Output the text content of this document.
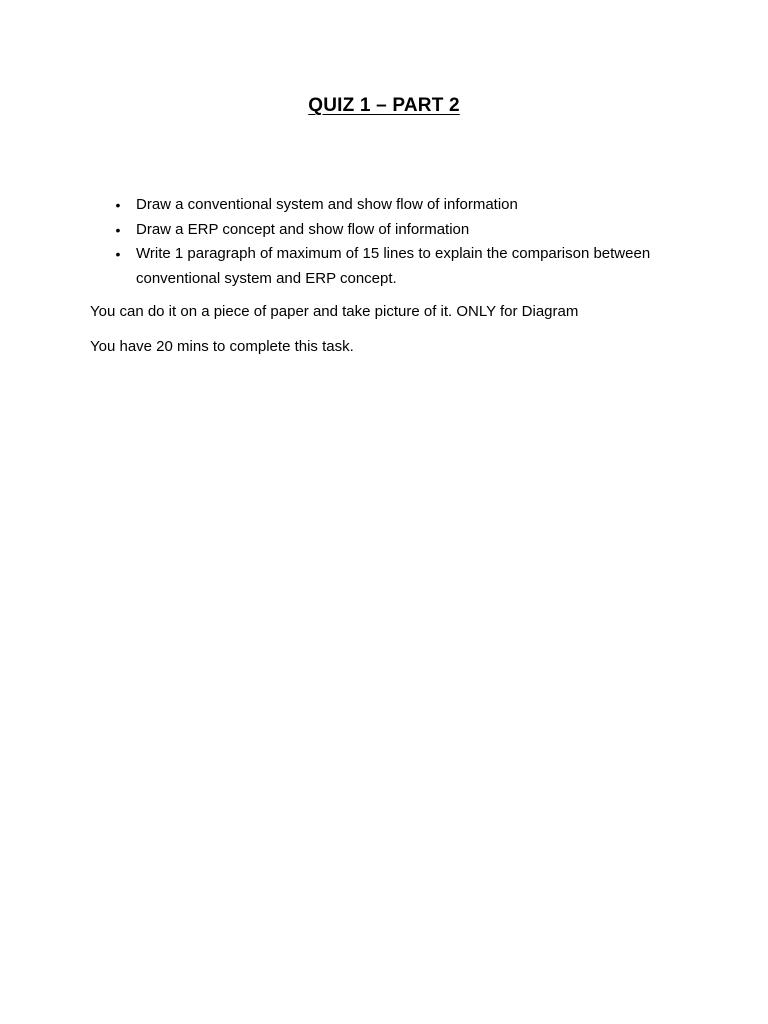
QUIZ 1 – PART 2
• Draw a conventional system and show flow of information
• Draw a ERP concept and show flow of information
• Write 1 paragraph of maximum of 15 lines to explain the comparison between conventional system and ERP concept.

You can do it on a piece of paper and take picture of it. ONLY for Diagram

You have 20 mins to complete this task.
